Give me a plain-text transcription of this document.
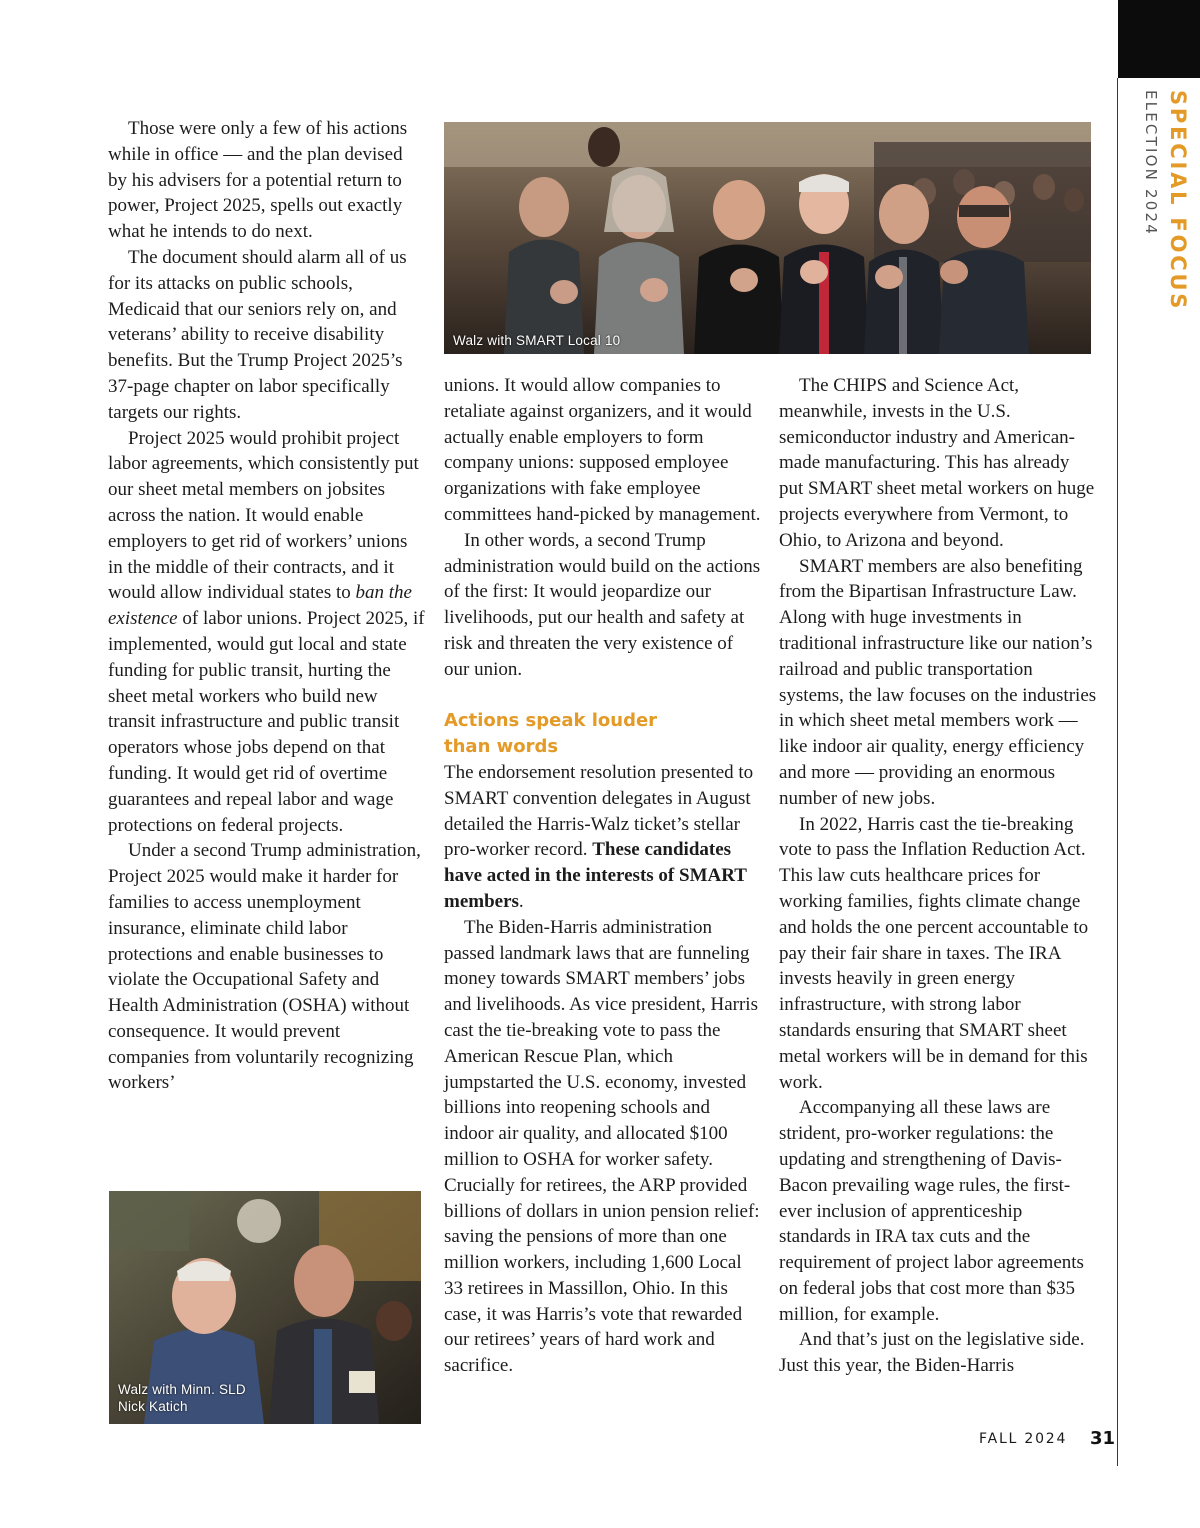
SPECIAL FOCUS
ELECTION 2024
Walz with SMART Local 10
Walz with Minn. SLD
Nick Katich

Those were only a few of his actions while in office — and the plan devised by his advisers for a potential return to power, Project 2025, spells out exactly what he intends to do next.

The document should alarm all of us for its attacks on public schools, Medicaid that our seniors rely on, and veterans’ ability to receive disability benefits. But the Trump Project 2025’s 37-page chapter on labor specifically targets our rights.

Project 2025 would prohibit project labor agreements, which consistently put our sheet metal members on jobsites across the nation. It would enable employers to get rid of workers’ unions in the middle of their contracts, and it would allow individual states to ban the existence of labor unions. Project 2025, if implemented, would gut local and state funding for public transit, hurting the sheet metal workers who build new transit infrastructure and public transit operators whose jobs depend on that funding. It would get rid of overtime guarantees and repeal labor and wage protections on federal projects.

Under a second Trump administration, Project 2025 would make it harder for families to access unemployment insurance, eliminate child labor protections and enable businesses to violate the Occupational Safety and Health Administration (OSHA) without consequence. It would prevent companies from voluntarily recognizing workers’

unions. It would allow companies to retaliate against organizers, and it would actually enable employers to form company unions: supposed employee organizations with fake employee committees hand-picked by management.

In other words, a second Trump administration would build on the actions of the first: It would jeopardize our livelihoods, put our health and safety at risk and threaten the very existence of our union.

Actions speak louder
than words

The endorsement resolution presented to SMART convention delegates in August detailed the Harris-Walz ticket’s stellar pro-worker record. These candidates have acted in the interests of SMART members.

The Biden-Harris administration passed landmark laws that are funneling money towards SMART members’ jobs and livelihoods. As vice president, Harris cast the tie-breaking vote to pass the American Rescue Plan, which jumpstarted the U.S. economy, invested billions into reopening schools and indoor air quality, and allocated $100 million to OSHA for worker safety. Crucially for retirees, the ARP provided billions of dollars in union pension relief: saving the pensions of more than one million workers, including 1,600 Local 33 retirees in Massillon, Ohio. In this case, it was Harris’s vote that rewarded our retirees’ years of hard work and sacrifice.

The CHIPS and Science Act, meanwhile, invests in the U.S. semiconductor industry and American-made manufacturing. This has already put SMART sheet metal workers on huge projects everywhere from Vermont, to Ohio, to Arizona and beyond.

SMART members are also benefiting from the Bipartisan Infrastructure Law. Along with huge investments in traditional infrastructure like our nation’s railroad and public transportation systems, the law focuses on the industries in which sheet metal members work — like indoor air quality, energy efficiency and more — providing an enormous number of new jobs.

In 2022, Harris cast the tie-breaking vote to pass the Inflation Reduction Act. This law cuts healthcare prices for working families, fights climate change and holds the one percent accountable to pay their fair share in taxes. The IRA invests heavily in green energy infrastructure, with strong labor standards ensuring that SMART sheet metal workers will be in demand for this work.

Accompanying all these laws are strident, pro-worker regulations: the updating and strengthening of Davis-Bacon prevailing wage rules, the first-ever inclusion of apprenticeship standards in IRA tax cuts and the requirement of project labor agreements on federal jobs that cost more than $35 million, for example.

And that’s just on the legislative side. Just this year, the Biden-Harris

FALL 2024 31
